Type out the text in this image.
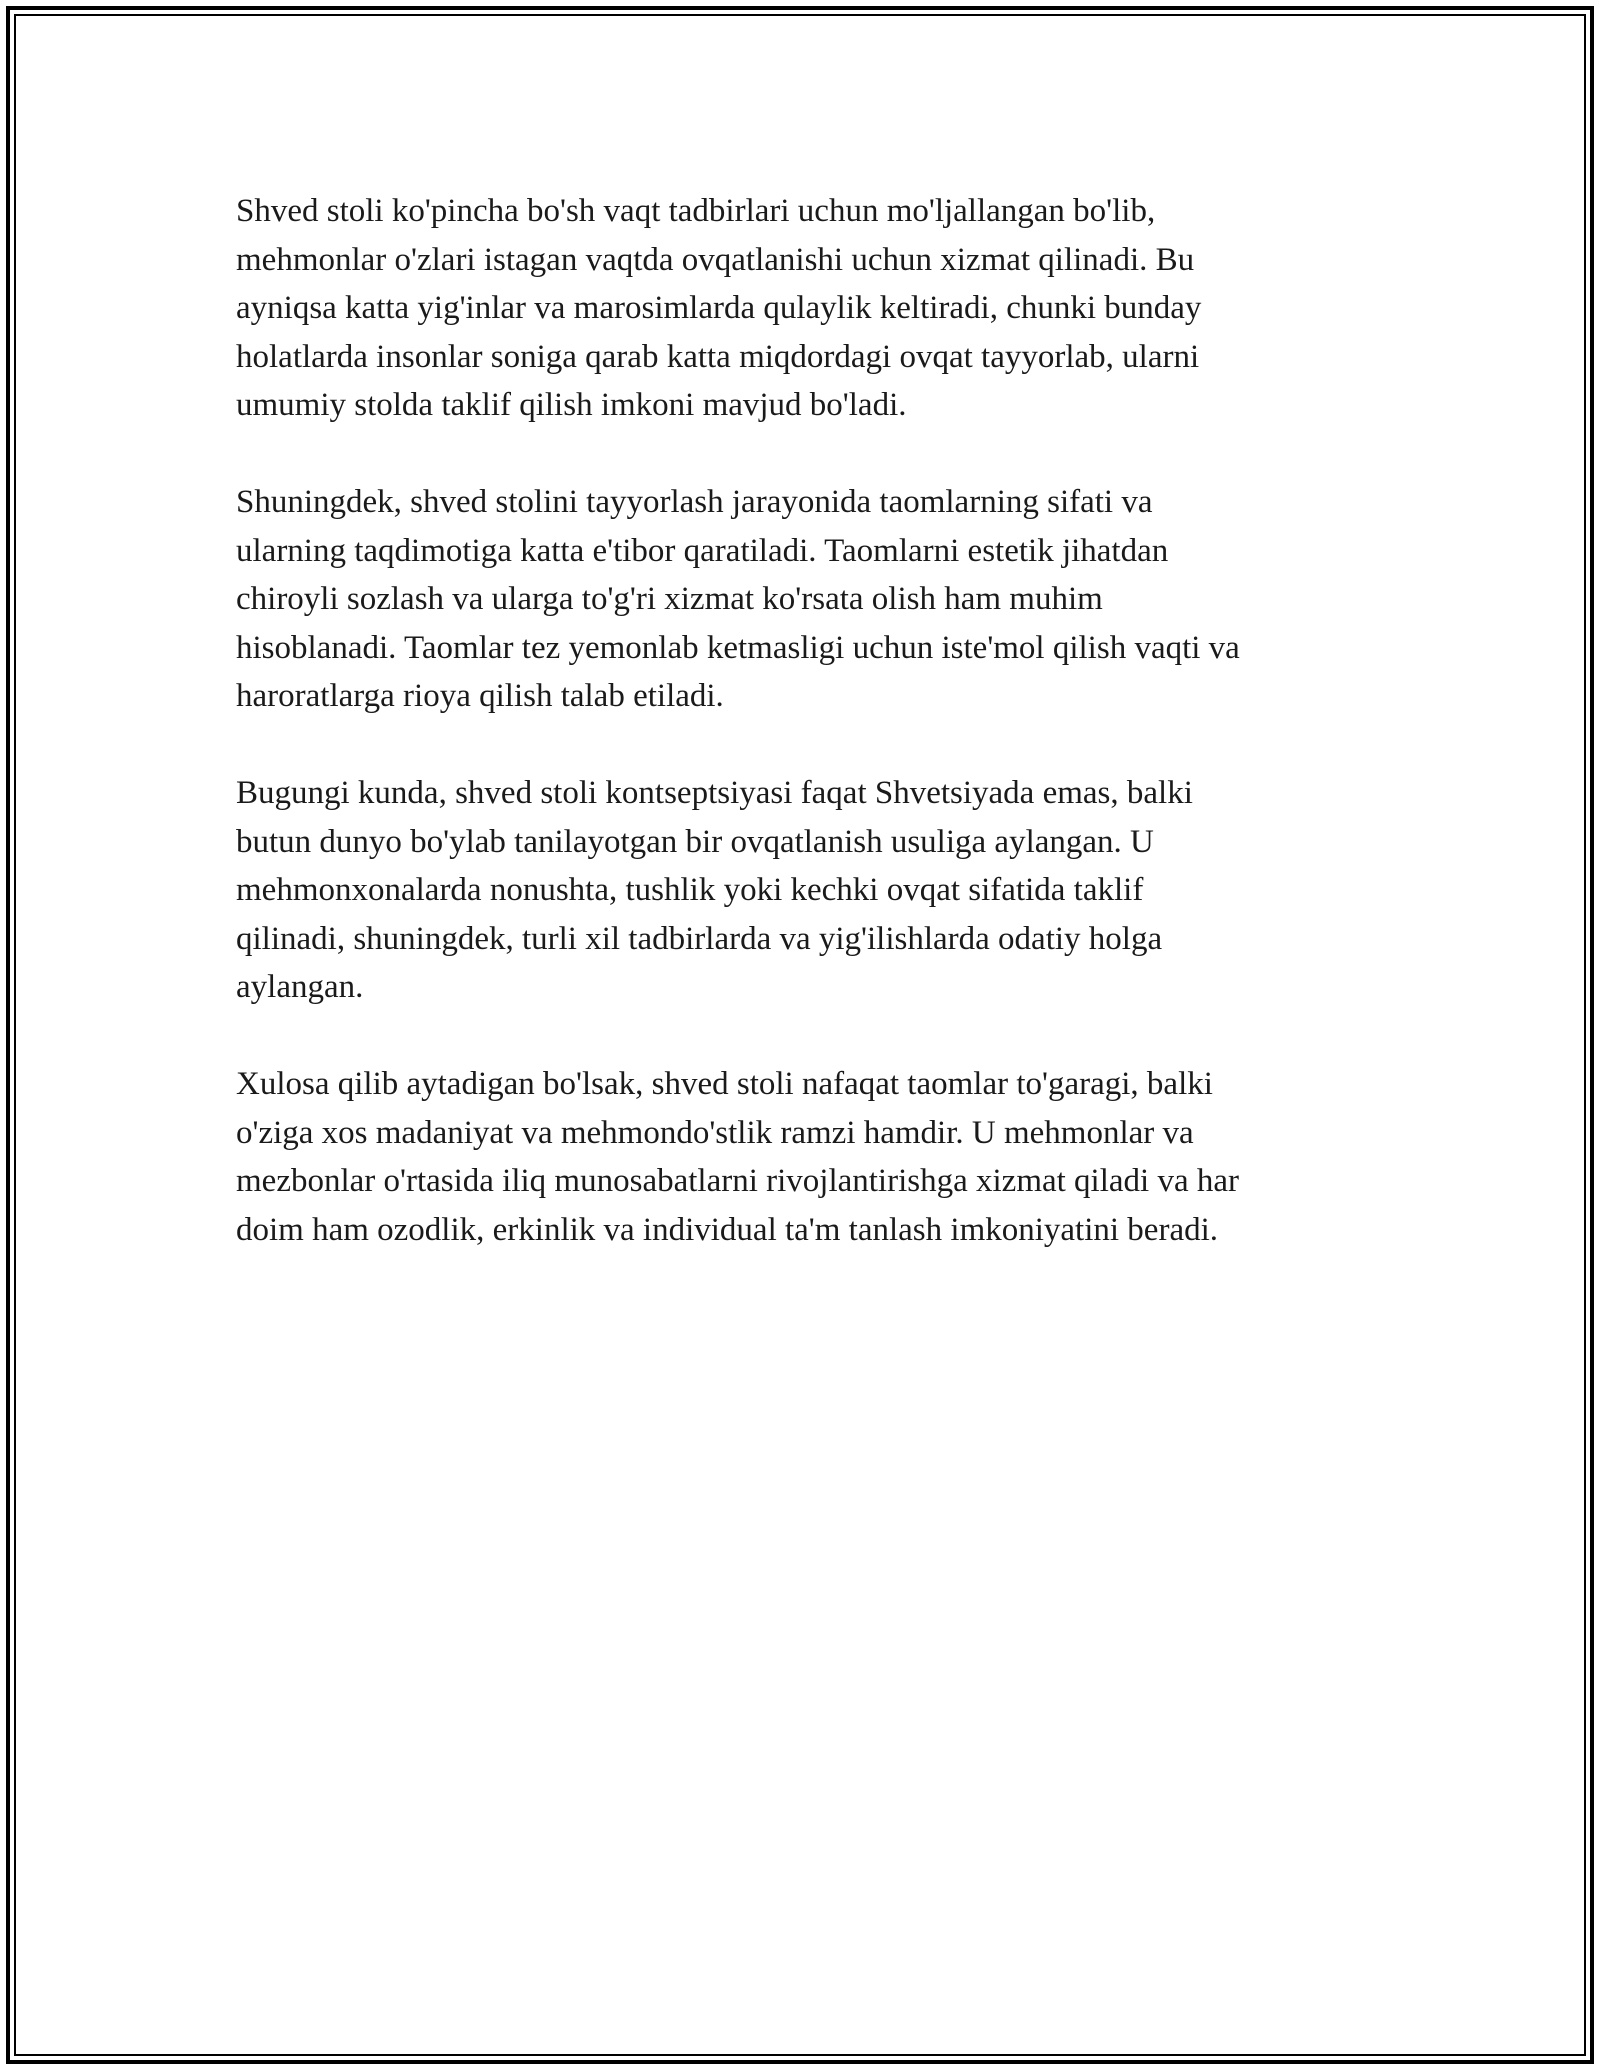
Shved stoli ko'pincha bo'sh vaqt tadbirlari uchun mo'ljallangan bo'lib,
mehmonlar o'zlari istagan vaqtda ovqatlanishi uchun xizmat qilinadi. Bu
ayniqsa katta yig'inlar va marosimlarda qulaylik keltiradi, chunki bunday
holatlarda insonlar soniga qarab katta miqdordagi ovqat tayyorlab, ularni
umumiy stolda taklif qilish imkoni mavjud bo'ladi.

Shuningdek, shved stolini tayyorlash jarayonida taomlarning sifati va
ularning taqdimotiga katta e'tibor qaratiladi. Taomlarni estetik jihatdan
chiroyli sozlash va ularga to'g'ri xizmat ko'rsata olish ham muhim
hisoblanadi. Taomlar tez yemonlab ketmasligi uchun iste'mol qilish vaqti va
haroratlarga rioya qilish talab etiladi.

Bugungi kunda, shved stoli kontseptsiyasi faqat Shvetsiyada emas, balki
butun dunyo bo'ylab tanilayotgan bir ovqatlanish usuliga aylangan. U
mehmonxonalarda nonushta, tushlik yoki kechki ovqat sifatida taklif
qilinadi, shuningdek, turli xil tadbirlarda va yig'ilishlarda odatiy holga
aylangan.

Xulosa qilib aytadigan bo'lsak, shved stoli nafaqat taomlar to'garagi, balki
o'ziga xos madaniyat va mehmondo'stlik ramzi hamdir. U mehmonlar va
mezbonlar o'rtasida iliq munosabatlarni rivojlantirishga xizmat qiladi va har
doim ham ozodlik, erkinlik va individual ta'm tanlash imkoniyatini beradi.
